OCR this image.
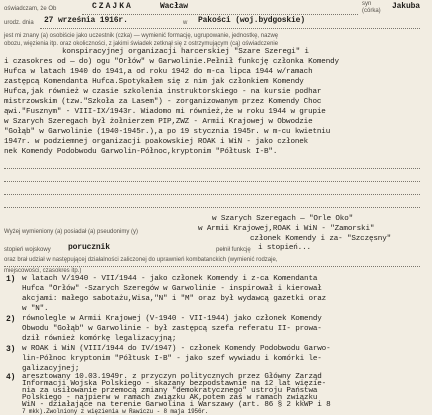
oświadczam, że Ob	CZAJKA	Wacław	syn
(córka) Jakuba
urodz. dnia 27 września 1916r.	w Pakości (woj.bydgoskie)
jest mi znany (a) osobiście jako uczestnik (czka) — wymienić formację, ugrupowanie, jednostkę, nazwę
obozu, więzienia itp. oraz okoliczności, z jakimi świadek zetknął się z ostrzymującym (cą) oświadczenie
konspiracyjnej organizacji harcerskiej "Szare Szeregi" i
i czasokres od — do) ogu "Orłów" w Garwolinie.Pełnił funkcję członka Komendy
Hufca w latach 1940 do 1941,a od roku 1942 do m-ca lipca 1944 w/ramach
zastępcą Komendanta Hufca.Spotykałem się z nim jak członkiem Komendy
Hufca,jak również w czasie szkolenia instruktorskiego - na kursie podhar
mistrzowskim (tzw."Szkoła za Lasem") - zorganizowanym przez Komendy Choc
ąwi."Fusznym" - VIII-IX/1943r. Wiadomo mi również,że w roku 1944 w grupie
w Szarych Szeregach był żołnierzem PIP,ZWZ - Armii Krajowej w Obwodzie
"Gołąb" w Garwolinie (1940-1945r.),a po 19 stycznia 1945r. w m-cu kwietniu
1947r. w podziemnej organizacji poakowskiej ROAK i WiN - jako członek
nek Komendy Podobwodu Garwolin-Północ,kryptonim "Półtusk I-B".
w Szarych Szeregach — "Orle Oko"
Wyżej wymieniony (a) posiadał (a) pseudonimy (y)	w Armii Krajowej,ROAK i WiN - "Zamorski"
członek Komendy i za- "Szczęsny"
stopień wojskowy porucznik	pełnił funkcję i stopień...
oraz brał udział w następującej działalności zaliczonej do uprawnień kombatanckich (wymienić rodzaje,
miejscowości, czasokres itp.)
1) w latach V/1940 - VII/1944 - jako członek Komendy i z-ca Komendanta
Hufca "Orłów" -Szarych Szeregów w Garwolinie - inspirował i kierował
akcjami: małego sabotażu,Wisa,"N" i "M" oraz był wydawcą gazetki oraz
w "N".
2) równolegle w Armii Krajowej (V-1940 - VII-1944) jako członek Komendy
Obwodu "Gołąb" w Garwolinie - był zastępcą szefa referatu II- prowa-
dził również komórkę legalizacyjną;
3) w ROAK i WiN (VIII/1944 do IV/1947) - członek Komendy Podobwodu Garwo-
lin-Północ kryptonim "Półtusk I-B" - jako szef wywiadu i komórki le-
galizacyjnej;
4) aresztowany 10.03.1949r. z przyczyn politycznych przez Główny Zarząd
Informacji Wojska Polskiego - skazany bezpodstawnie na 12 lat więzie-
nia za usiłowanie przemocą zmiany "demokratycznego" ustroju Państwa
Polskiego - najpierw w ramach związku AK,potem zaś w ramach związku
WiN - działające na terenie Garwolina i Warszawy (art. 86 § 2 kkWP i 8
7 mkk).Zwolniony z więzienia w Rawiczu - 8 maja 1956r.
